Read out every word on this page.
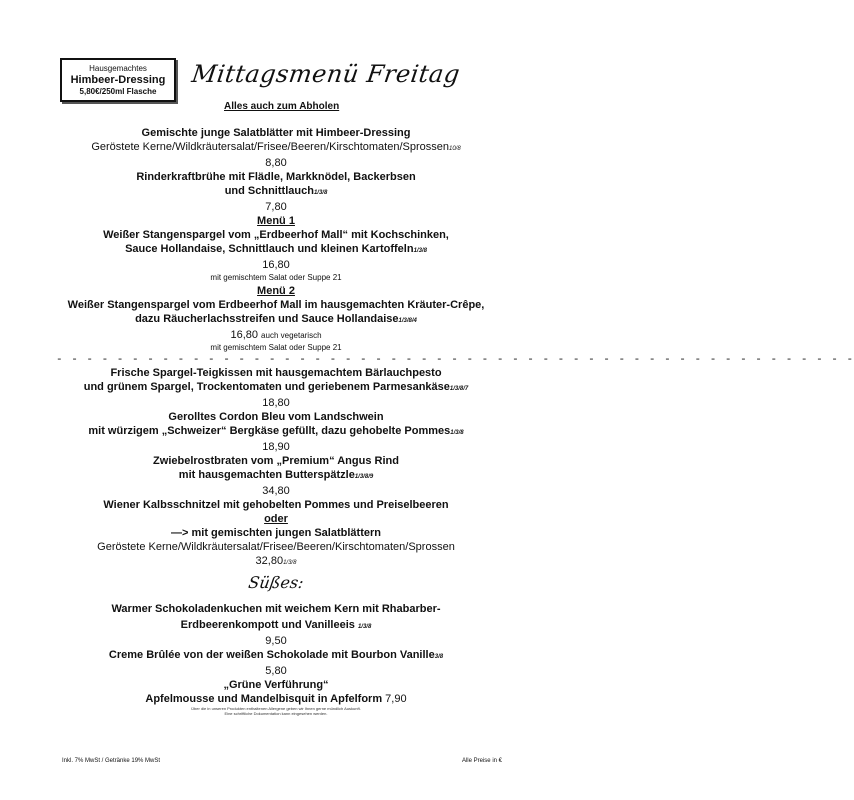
Hausgemachtes
Himbeer-Dressing
5,80€/250ml Flasche
Mittagsmenü Freitag
Alles auch zum Abholen
Gemischte junge Salatblätter mit Himbeer-Dressing
Geröstete Kerne/Wildkräutersalat/Frisee/Beeren/Kirschtomaten/Sprossen10/8
8,80
Rinderkraftbrühe mit Flädle, Markknödel, Backerbsen
und Schnittlauch1/3/8
7,80
Menü 1
Weißer Stangenspargel vom „Erdbeerhof Mall“ mit Kochschinken,
Sauce Hollandaise, Schnittlauch und kleinen Kartoffeln1/3/8
16,80
mit gemischtem Salat oder Suppe 21
Menü 2
Weißer Stangenspargel vom Erdbeerhof Mall im hausgemachten Kräuter-Crêpe,
dazu Räucherlachsstreifen und Sauce Hollandaise1/3/8/4
16,80 auch vegetarisch
mit gemischtem Salat oder Suppe 21
- - - - - - - - - - - - - - - - - - - - - - - - - - - - - - - - - - - - - - - - - - - - - - - - - - - - -
Frische Spargel-Teigkissen mit hausgemachtem Bärlauchpesto
und grünem Spargel, Trockentomaten und geriebenem Parmesankäse1/3/8/7
18,80
Gerolltes Cordon Bleu vom Landschwein
mit würzigem „Schweizer“ Bergkäse gefüllt, dazu gehobelte Pommes1/3/8
18,90
Zwiebelrostbraten vom „Premium“ Angus Rind
mit hausgemachten Butterspätzle1/3/8/9
34,80
Wiener Kalbsschnitzel mit gehobelten Pommes und Preiselbeeren
oder
—> mit gemischten jungen Salatblättern
Geröstete Kerne/Wildkräutersalat/Frisee/Beeren/Kirschtomaten/Sprossen
32,801/3/8
Süßes:
Warmer Schokoladenkuchen mit weichem Kern mit Rhabarber-
Erdbeerenkompott und Vanilleeis 1/3/8
9,50
Creme Brûlée von der weißen Schokolade mit Bourbon Vanille3/8
5,80
„Grüne Verführung“
Apfelmousse und Mandelbisquit in Apfelform 7,90
Über die in unseren Produkten enthaltenen Allergene geben wir Ihnen gerne mündlich Auskunft.
Eine schriftliche Dokumentation kann eingesehen werden.
Inkl. 7% MwSt / Getränke 19% MwSt	Alle Preise in €
